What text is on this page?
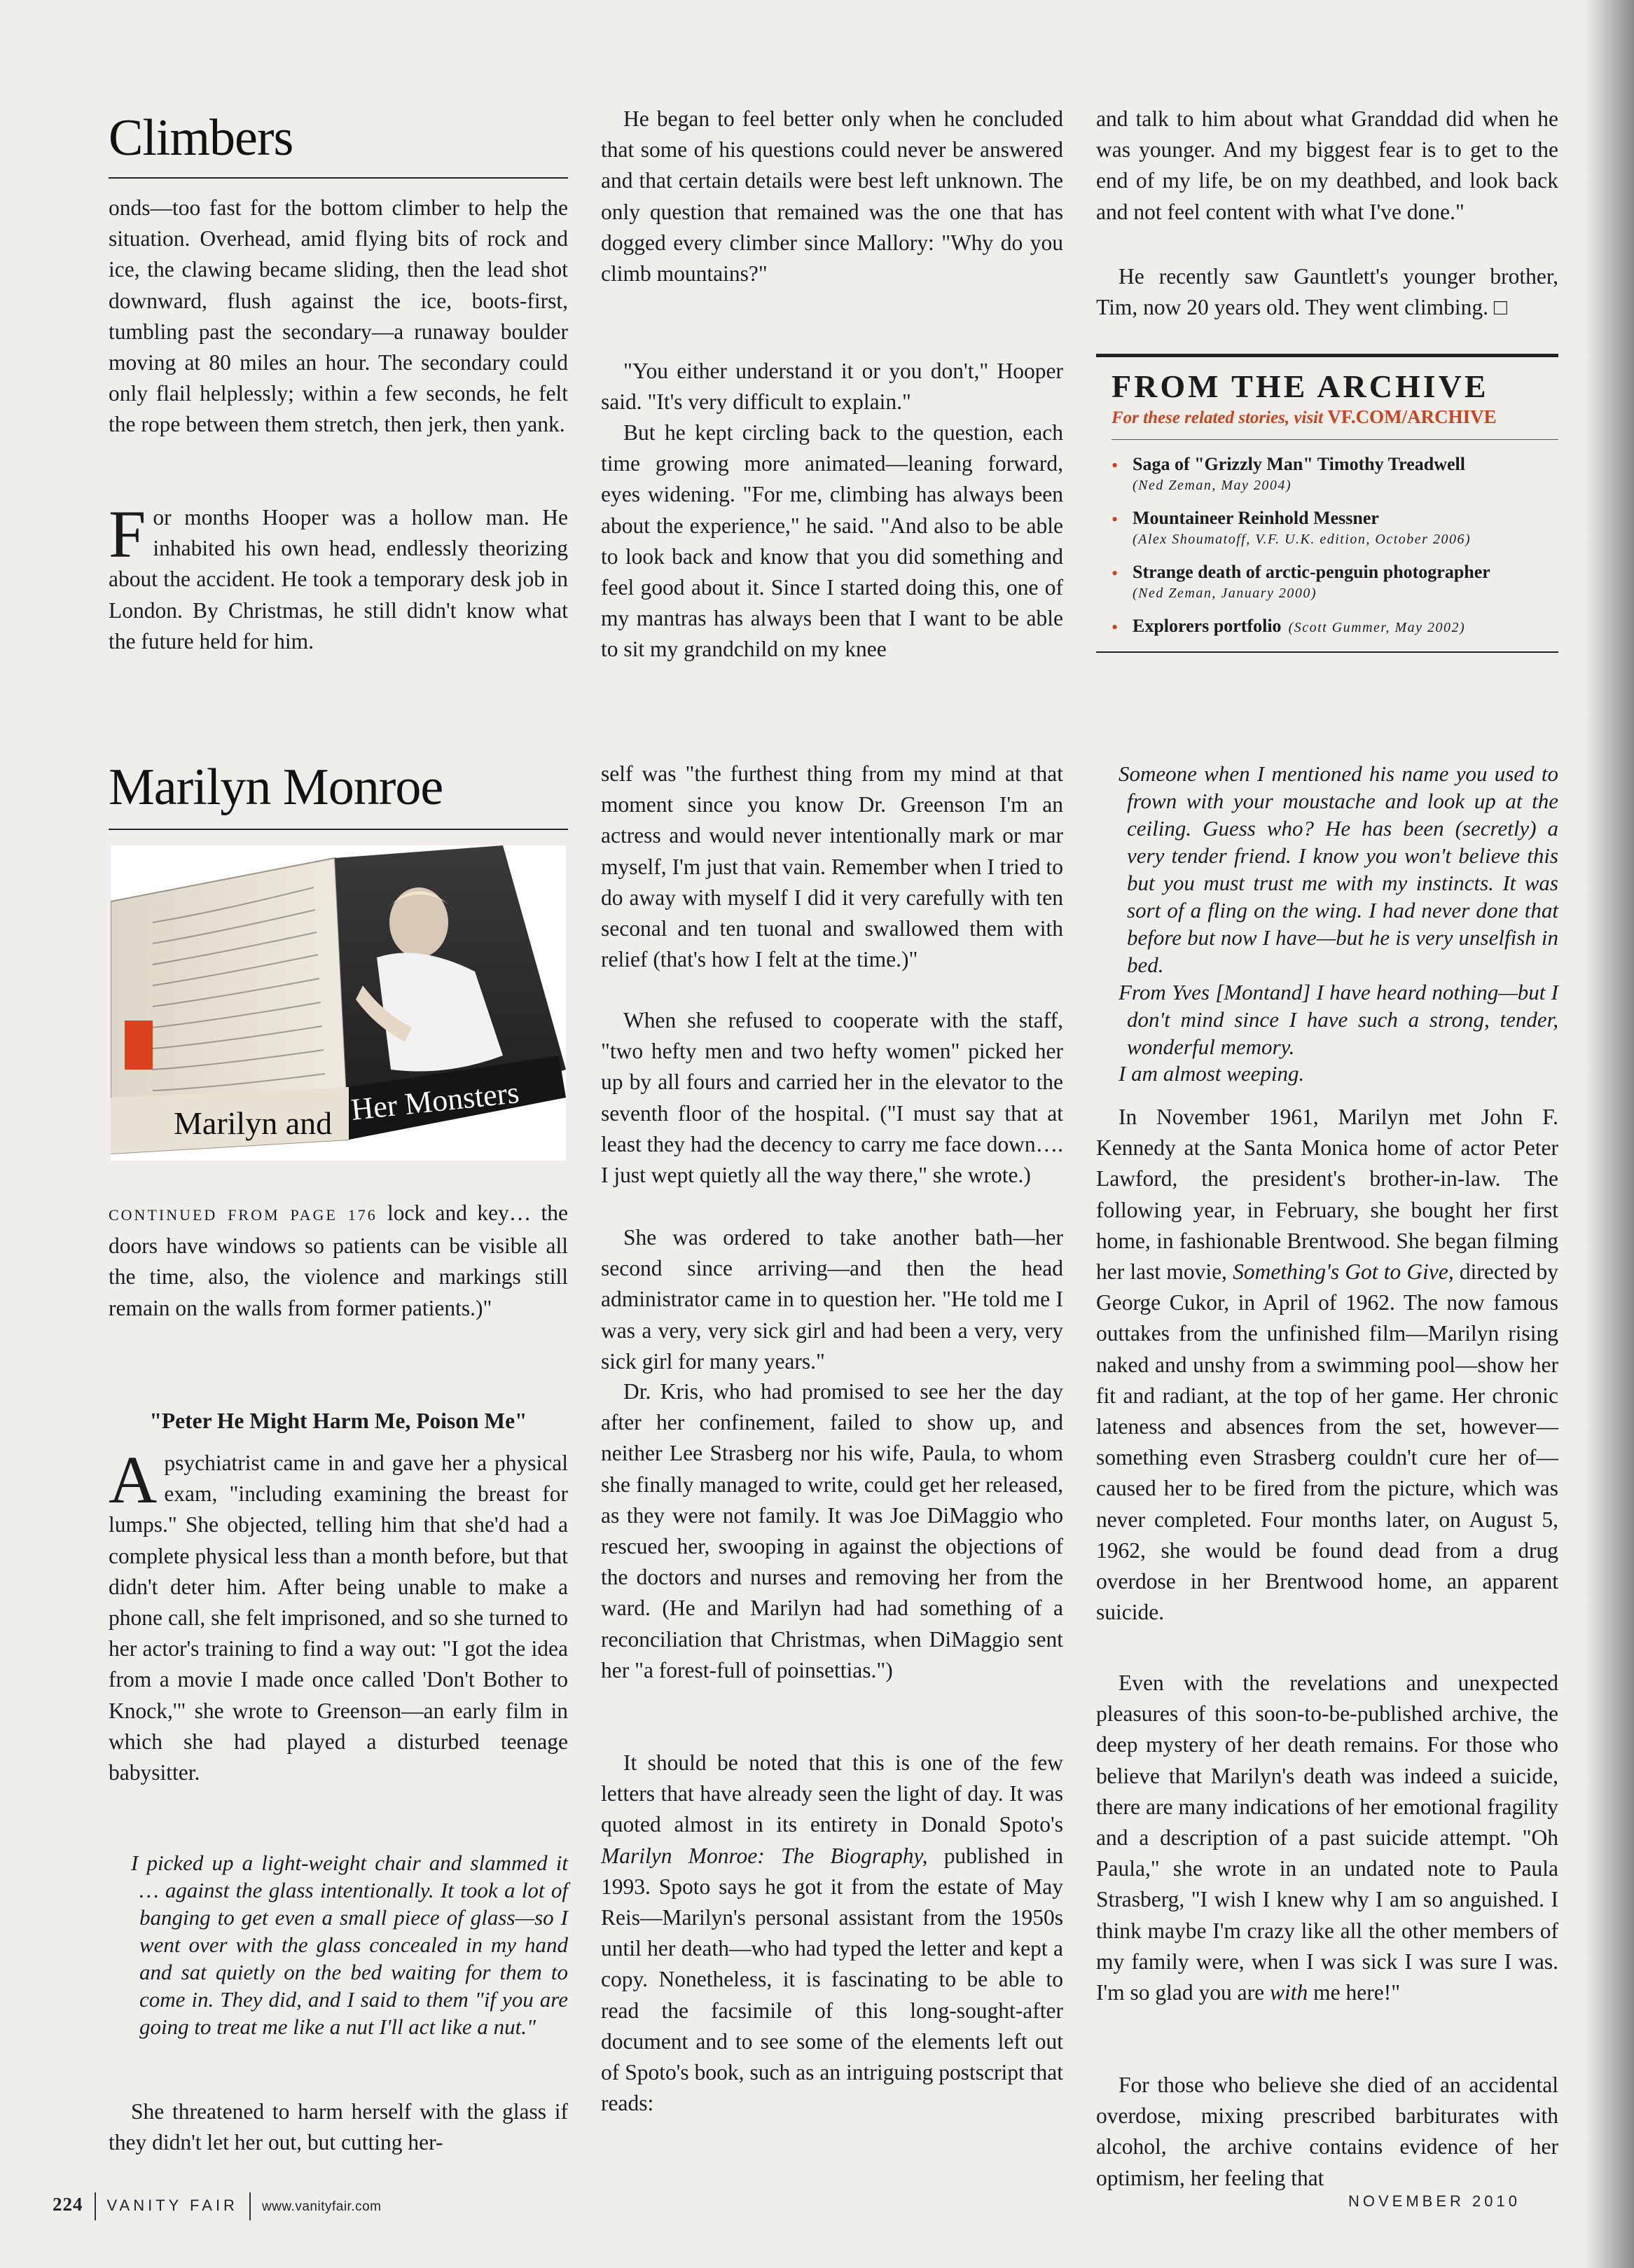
Climbers

onds—too fast for the bottom climber to help the situation. Overhead, amid flying bits of rock and ice, the clawing became sliding, then the lead shot downward, flush against the ice, boots-first, tumbling past the secondary—a runaway boulder moving at 80 miles an hour. The secondary could only flail helplessly; within a few seconds, he felt the rope between them stretch, then jerk, then yank.

F or months Hooper was a hollow man. He inhabited his own head, endlessly theorizing about the accident. He took a temporary desk job in London. By Christmas, he still didn't know what the future held for him.

Marilyn Monroe

CONTINUED FROM PAGE 176 lock and key… the doors have windows so patients can be visible all the time, also, the violence and markings still remain on the walls from former patients.)"

"Peter He Might Harm Me, Poison Me"

A psychiatrist came in and gave her a physical exam, "including examining the breast for lumps." She objected, telling him that she'd had a complete physical less than a month before, but that didn't deter him. After being unable to make a phone call, she felt imprisoned, and so she turned to her actor's training to find a way out: "I got the idea from a movie I made once called 'Don't Bother to Knock,'" she wrote to Greenson—an early film in which she had played a disturbed teenage babysitter.

I picked up a light-weight chair and slammed it … against the glass intentionally. It took a lot of banging to get even a small piece of glass—so I went over with the glass concealed in my hand and sat quietly on the bed waiting for them to come in. They did, and I said to them "if you are going to treat me like a nut I'll act like a nut."

She threatened to harm herself with the glass if they didn't let her out, but cutting her-

Marilyn and Her Monsters

He began to feel better only when he concluded that some of his questions could never be answered and that certain details were best left unknown. The only question that remained was the one that has dogged every climber since Mallory: "Why do you climb mountains?"

"You either understand it or you don't," Hooper said. "It's very difficult to explain."

But he kept circling back to the question, each time growing more animated—leaning forward, eyes widening. "For me, climbing has always been about the experience," he said. "And also to be able to look back and know that you did something and feel good about it. Since I started doing this, one of my mantras has always been that I want to be able to sit my grandchild on my knee

self was "the furthest thing from my mind at that moment since you know Dr. Greenson I'm an actress and would never intentionally mark or mar myself, I'm just that vain. Remember when I tried to do away with myself I did it very carefully with ten seconal and ten tuonal and swallowed them with relief (that's how I felt at the time.)"

When she refused to cooperate with the staff, "two hefty men and two hefty women" picked her up by all fours and carried her in the elevator to the seventh floor of the hospital. ("I must say that at least they had the decency to carry me face down…. I just wept quietly all the way there," she wrote.)

She was ordered to take another bath—her second since arriving—and then the head administrator came in to question her. "He told me I was a very, very sick girl and had been a very, very sick girl for many years."

Dr. Kris, who had promised to see her the day after her confinement, failed to show up, and neither Lee Strasberg nor his wife, Paula, to whom she finally managed to write, could get her released, as they were not family. It was Joe DiMaggio who rescued her, swooping in against the objections of the doctors and nurses and removing her from the ward. (He and Marilyn had had something of a reconciliation that Christmas, when DiMaggio sent her "a forest-full of poinsettias.")

It should be noted that this is one of the few letters that have already seen the light of day. It was quoted almost in its entirety in Donald Spoto's Marilyn Monroe: The Biography, published in 1993. Spoto says he got it from the estate of May Reis—Marilyn's personal assistant from the 1950s until her death—who had typed the letter and kept a copy. Nonetheless, it is fascinating to be able to read the facsimile of this long-sought-after document and to see some of the elements left out of Spoto's book, such as an intriguing postscript that reads:

and talk to him about what Granddad did when he was younger. And my biggest fear is to get to the end of my life, be on my deathbed, and look back and not feel content with what I've done."

He recently saw Gauntlett's younger brother, Tim, now 20 years old. They went climbing. □

Someone when I mentioned his name you used to frown with your moustache and look up at the ceiling. Guess who? He has been (secretly) a very tender friend. I know you won't believe this but you must trust me with my instincts. It was sort of a fling on the wing. I had never done that before but now I have—but he is very unselfish in bed.

From Yves [Montand] I have heard nothing—but I don't mind since I have such a strong, tender, wonderful memory.

I am almost weeping.

In November 1961, Marilyn met John F. Kennedy at the Santa Monica home of actor Peter Lawford, the president's brother-in-law. The following year, in February, she bought her first home, in fashionable Brentwood. She began filming her last movie, Something's Got to Give, directed by George Cukor, in April of 1962. The now famous outtakes from the unfinished film—Marilyn rising naked and unshy from a swimming pool—show her fit and radiant, at the top of her game. Her chronic lateness and absences from the set, however—something even Strasberg couldn't cure her of—caused her to be fired from the picture, which was never completed. Four months later, on August 5, 1962, she would be found dead from a drug overdose in her Brentwood home, an apparent suicide.

Even with the revelations and unexpected pleasures of this soon-to-be-published archive, the deep mystery of her death remains. For those who believe that Marilyn's death was indeed a suicide, there are many indications of her emotional fragility and a description of a past suicide attempt. "Oh Paula," she wrote in an undated note to Paula Strasberg, "I wish I knew why I am so anguished. I think maybe I'm crazy like all the other members of my family were, when I was sick I was sure I was. I'm so glad you are with me here!"

For those who believe she died of an accidental overdose, mixing prescribed barbiturates with alcohol, the archive contains evidence of her optimism, her feeling that

FROM THE ARCHIVE

For these related stories, visit VF.COM/ARCHIVE

• Saga of "Grizzly Man" Timothy Treadwell
(Ned Zeman, May 2004)
• Mountaineer Reinhold Messner
(Alex Shoumatoff, V.F. U.K. edition, October 2006)
• Strange death of arctic-penguin photographer
(Ned Zeman, January 2000)
• Explorers portfolio (Scott Gummer, May 2002)
224 VANITY FAIR www.vanityfair.com	NOVEMBER 2010
